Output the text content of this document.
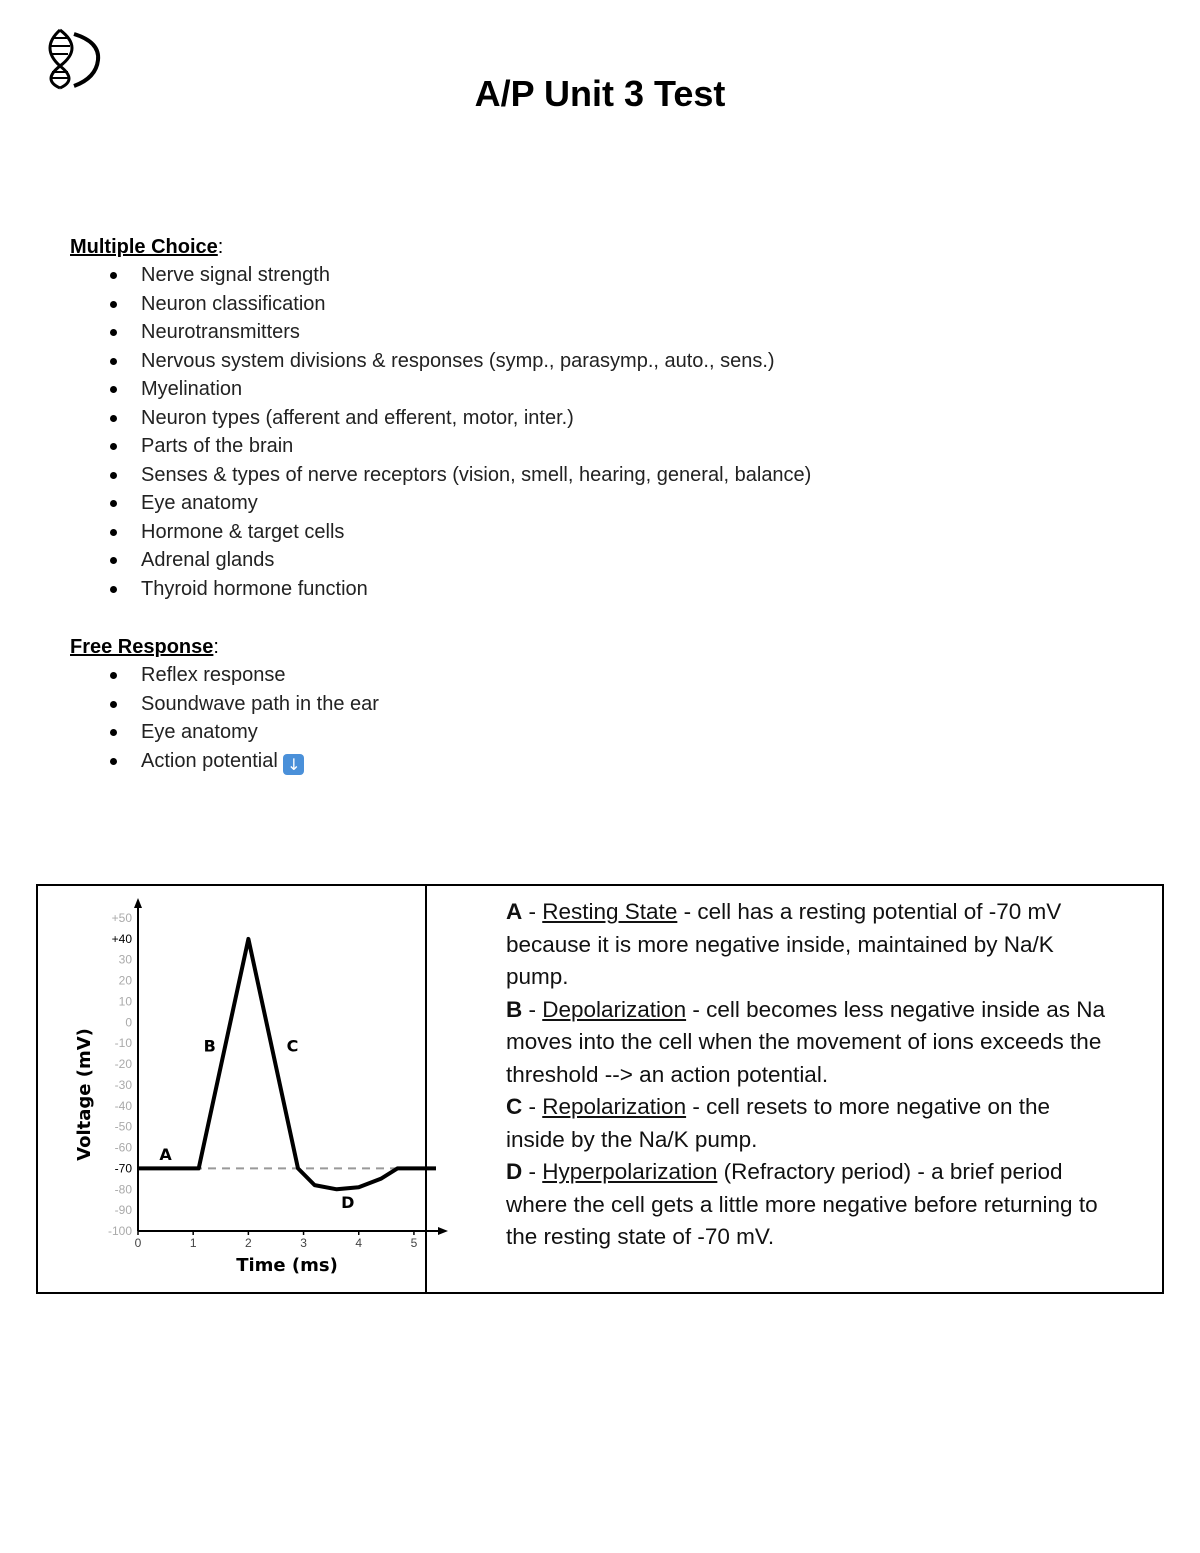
A/P Unit 3 Test
Multiple Choice:
Nerve signal strength
Neuron classification
Neurotransmitters
Nervous system divisions & responses (symp., parasymp., auto., sens.)
Myelination
Neuron types (afferent and efferent, motor, inter.)
Parts of the brain
Senses & types of nerve receptors (vision, smell, hearing, general, balance)
Eye anatomy
Hormone & target cells
Adrenal glands
Thyroid hormone function
Free Response:
Reflex response
Soundwave path in the ear
Eye anatomy
Action potential ↓
+50
+40
30
20
10
0
-10
-20
-30
-40
-50
-60
-70
-80
-90
-100
0	1	2	3	4	5
A
B	C
D
Time (ms)
Voltage (mV)
A - Resting State - cell has a resting potential of -70 mV because it is more negative inside, maintained by Na/K pump.
B - Depolarization - cell becomes less negative inside as Na moves into the cell when the movement of ions exceeds the threshold --> an action potential.
C - Repolarization - cell resets to more negative on the inside by the Na/K pump.
D - Hyperpolarization (Refractory period) - a brief period where the cell gets a little more negative before returning to the resting state of -70 mV.
